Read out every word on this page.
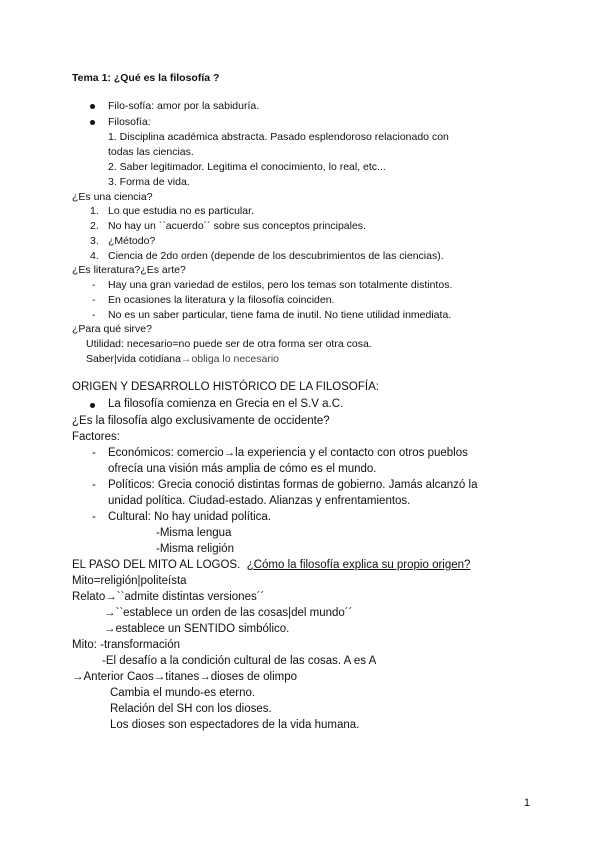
Tema 1: ¿Qué es la filosofía ?
Filo-sofía: amor por la sabiduría.
Filosofía:
1. Disciplina académica abstracta. Pasado esplendoroso relacionado con
todas las ciencias.
2. Saber legitimador. Legitima el conocimiento, lo real, etc...
3. Forma de vida.
¿Es una ciencia?
1. Lo que estudia no es particular.
2. No hay un ``acuerdo´´ sobre sus conceptos principales.
3. ¿Método?
4. Ciencia de 2do orden (depende de los descubrimientos de las ciencias).
¿Es literatura?¿Es arte?
- Hay una gran variedad de estilos, pero los temas son totalmente distintos.
- En ocasiones la literatura y la filosofía coinciden.
- No es un saber particular, tiene fama de inutil. No tiene utilidad inmediata.
¿Para qué sirve?
Utilidad: necesario=no puede ser de otra forma ser otra cosa.
Saber|vida cotidiana→obliga lo necesario
ORIGEN Y DESARROLLO HISTÓRICO DE LA FILOSOFÍA:
La filosofía comienza en Grecia en el S.V a.C.
¿Es la filosofía algo exclusivamente de occidente?
Factores:
- Económicos: comercio→la experiencia y el contacto con otros pueblos
ofrecía una visión más amplia de cómo es el mundo.
- Políticos: Grecia conoció distintas formas de gobierno. Jamás alcanzó la
unidad política. Ciudad-estado. Alianzas y enfrentamientos.
- Cultural: No hay unidad política.
-Misma lengua
-Misma religión
EL PASO DEL MITO AL LOGOS. ¿Cómo la filosofía explica su propio origen?
Mito=religión|politeísta
Relato→``admite distintas versiones´´
→``establece un orden de las cosas|del mundo´´
→establece un SENTIDO simbólico.
Mito: -transformación
-El desafío a la condición cultural de las cosas. A es A
→Anterior Caos→titanes→dioses de olimpo
Cambia el mundo-es eterno.
Relación del SH con los dioses.
Los dioses son espectadores de la vida humana.
1
